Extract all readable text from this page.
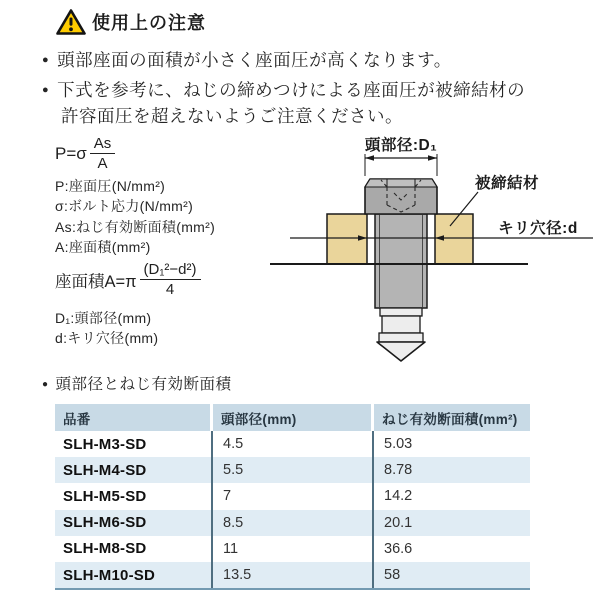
使用上の注意
● 頭部座面の面積が小さく座面圧が高くなります。
● 下式を参考に、ねじの締めつけによる座面圧が被締結材の
許容面圧を超えないようご注意ください。
$P=\sigma \frac{As}{A}$
P:座面圧(N/mm²)
σ:ボルト応力(N/mm²)
As:ねじ有効断面積(mm²)
A:座面積(mm²)
座面積$A=\pi \frac{\text{(D₁²−d²)}}{4}$
D₁:頭部径(mm)
d:キリ穴径(mm)
頭部径:D₁
キリ穴径:d
被締結材
● 頭部径とねじ有効断面積
品番	頭部径(mm)	ねじ有効断面積(mm²)
SLH-M3-SD	4.5	5.03
SLH-M4-SD	5.5	8.78
SLH-M5-SD	7	14.2
SLH-M6-SD	8.5	20.1
SLH-M8-SD	11	36.6
SLH-M10-SD	13.5	58
